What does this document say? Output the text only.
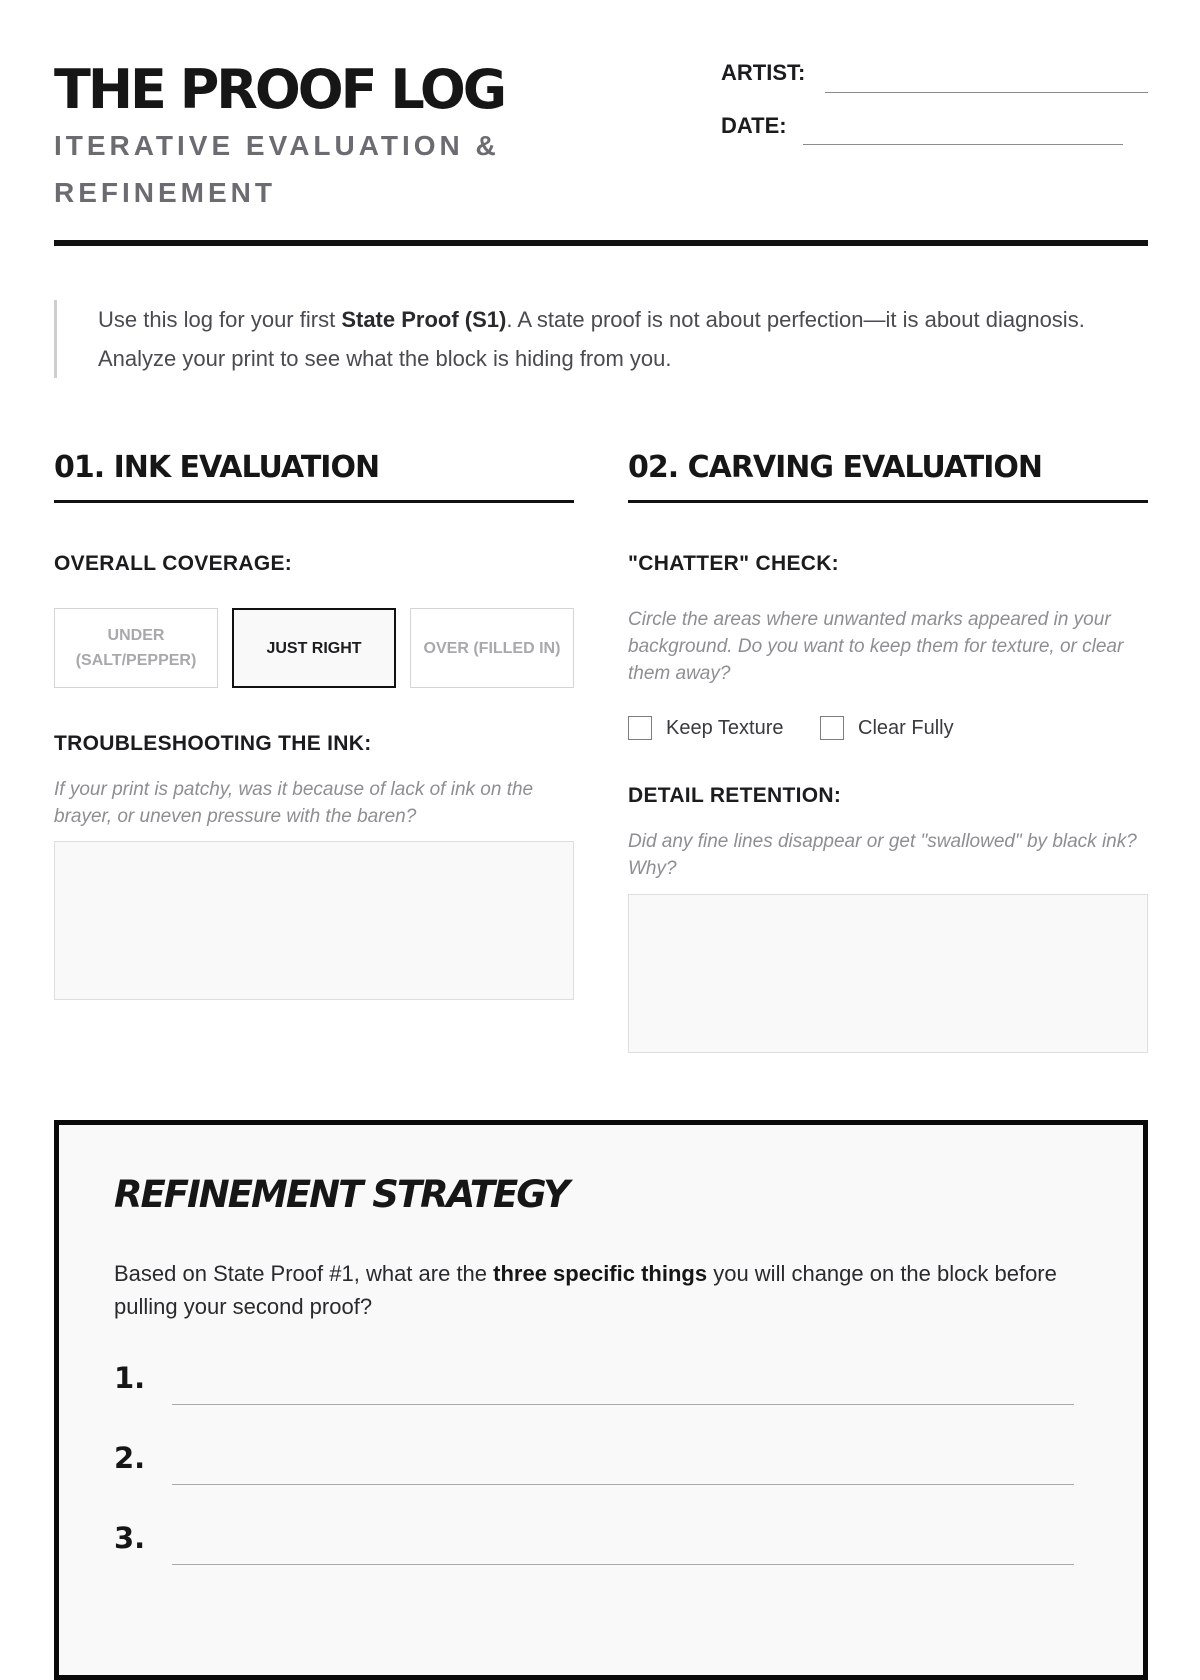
THE PROOF LOG

ITERATIVE EVALUATION & REFINEMENT

ARTIST:
DATE:
Use this log for your first State Proof (S1). A state proof is not about perfection—it is about diagnosis. Analyze your print to see what the block is hiding from you.
01. INK EVALUATION
OVERALL COVERAGE:
UNDER (SALT/PEPPER)
JUST RIGHT	OVER (FILLED IN)
TROUBLESHOOTING THE INK:
If your print is patchy, was it because of lack of ink on the brayer, or uneven pressure with the baren?
02. CARVING EVALUATION
"CHATTER" CHECK:
Circle the areas where unwanted marks appeared in your background. Do you want to keep them for texture, or clear them away?
Keep Texture	Clear Fully
DETAIL RETENTION:
Did any fine lines disappear or get "swallowed" by black ink? Why?
REFINEMENT STRATEGY
Based on State Proof #1, what are the three specific things you will change on the block before pulling your second proof?
1.
2.
3.
